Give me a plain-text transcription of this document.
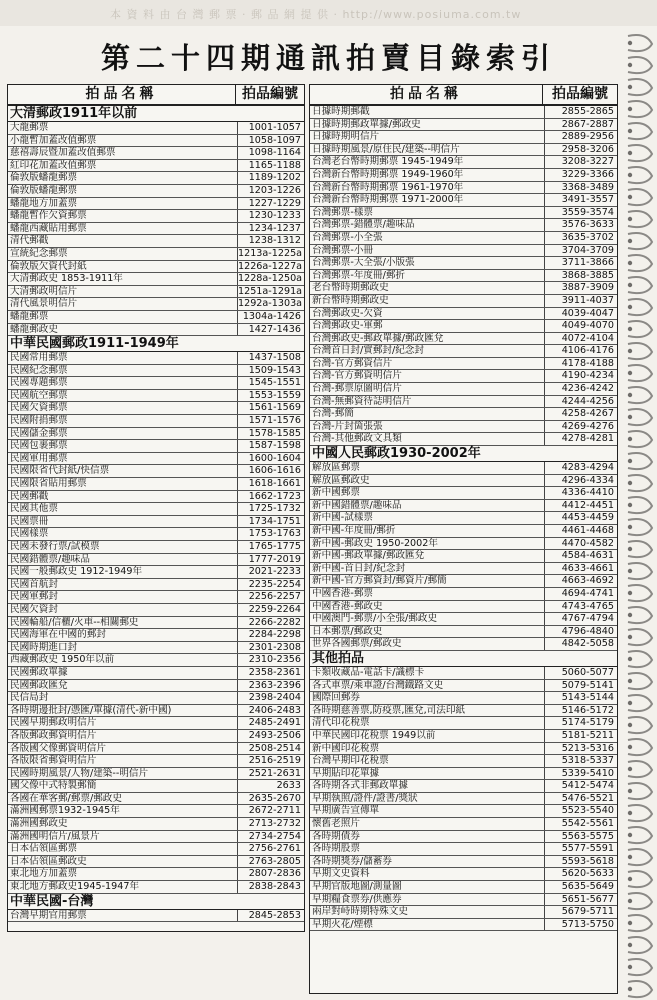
本 資 料 由 台 灣 郵 票 · 郵 品 網 提 供 · http://www.posiuma.com.tw
第二十四期通訊拍賣目錄索引
拍品名稱	拍品編號
大清郵政1911年以前
大龍郵票	1001-1057
小龍暫加蓋改值郵票	1058-1097
慈禧壽辰暨加蓋改值郵票	1098-1164
紅印花加蓋改值郵票	1165-1188
倫敦版蟠龍郵票	1189-1202
倫敦版蟠龍郵票	1203-1226
蟠龍地方加蓋票	1227-1229
蟠龍暫作欠資郵票	1230-1233
蟠龍西藏貼用郵票	1234-1237
清代郵戳	1238-1312
宣統紀念郵票	1213a-1225a
倫敦版欠資代封紙	1226a-1227a
大清郵政史 1853-1911年	1228a-1250a
大清郵政明信片	1251a-1291a
清代風景明信片	1292a-1303a
蟠龍郵票	1304a-1426
蟠龍郵政史	1427-1436
中華民國郵政1911-1949年
民國常用郵票	1437-1508
民國紀念郵票	1509-1543
民國專題郵票	1545-1551
民國航空郵票	1553-1559
民國欠資郵票	1561-1569
民國附捐郵票	1571-1576
民國儲金郵票	1578-1585
民國包裹郵票	1587-1598
民國軍用郵票	1600-1604
民國限省代封紙/快信票	1606-1616
民國限省貼用郵票	1618-1661
民國郵戳	1662-1723
民國其他票	1725-1732
民國票冊	1734-1751
民國樣票	1753-1763
民國未發行票/試模票	1765-1775
民國錯體票/趣味品	1777-2019
民國一般郵政史 1912-1949年	2021-2233
民國首航封	2235-2254
民國軍郵封	2256-2257
民國欠資封	2259-2264
民國輪船/信櫃/火車--相關郵史	2266-2282
民國海軍在中國的郵封	2284-2298
民國時期進口封	2301-2308
西藏郵政史 1950年以前	2310-2356
民國郵政單據	2358-2361
民國郵政匯兌	2363-2396
民信局封	2398-2404
各時期邊批封/憑匯/單據(清代-新中國)	2406-2483
民國早期郵政明信片	2485-2491
各版郵政郵資明信片	2493-2506
各版國父像郵資明信片	2508-2514
各版限省郵資明信片	2516-2519
民國時期風景/人物/建築--明信片	2521-2631
國父像中式特製郵簡	2633
各國在華客郵/郵票/郵政史	2635-2670
滿洲國郵票1932-1945年	2672-2711
滿洲國郵政史	2713-2732
滿洲國明信片/風景片	2734-2754
日本佔領區郵票	2756-2761
日本佔領區郵政史	2763-2805
東北地方加蓋票	2807-2836
東北地方郵政史1945-1947年	2838-2843
中華民國-台灣
台灣早期官用郵票	2845-2853
拍品名稱	拍品編號
日據時期郵戳	2855-2865
日據時期郵政單據/郵政史	2867-2887
日據時期明信片	2889-2956
日據時期風景/原住民/建築--明信片	2958-3206
台灣老台幣時期郵票 1945-1949年	3208-3227
台灣新台幣時期郵票 1949-1960年	3229-3366
台灣新台幣時期郵票 1961-1970年	3368-3489
台灣新台幣時期郵票 1971-2000年	3491-3557
台灣郵票-樣票	3559-3574
台灣郵票-錯體票/趣味品	3576-3633
台灣郵票-小全張	3635-3702
台灣郵票-小冊	3704-3709
台灣郵票-大全張/小版張	3711-3866
台灣郵票-年度冊/郵折	3868-3885
老台幣時期郵政史	3887-3909
新台幣時期郵政史	3911-4037
台灣郵政史-欠資	4039-4047
台灣郵政史-軍郵	4049-4070
台灣郵政史-郵政單據/郵政匯兌	4072-4104
台灣首日封/實郵封/紀念封	4106-4176
台灣-官方郵資信片	4178-4188
台灣-官方郵資明信片	4190-4234
台灣-郵票原圖明信片	4236-4242
台灣-無郵資待誌明信片	4244-4256
台灣-郵簡	4258-4267
台灣-片封箇張張	4269-4276
台灣-其他郵政文具類	4278-4281
中國人民郵政1930-2002年
解放區郵票	4283-4294
解放區郵政史	4296-4334
新中國郵票	4336-4410
新中國錯體票/趣味品	4412-4451
新中國-試樣票	4453-4459
新中國-年度冊/郵折	4461-4468
新中國-郵政史 1950-2002年	4470-4582
新中國-郵政單據/郵政匯兌	4584-4631
新中國-首日封/紀念封	4633-4661
新中國-官方郵資封/郵資片/郵簡	4663-4692
中國香港-郵票	4694-4741
中國香港-郵政史	4743-4765
中國澳門-郵票/小全張/郵政史	4767-4794
日本郵票/郵政史	4796-4840
世界各國郵票/郵政史	4842-5058
其他拍品
卡類收藏品-電話卡/識標卡	5060-5077
各式車票/乘車證/台灣鐵路文史	5079-5141
國際回郵券	5143-5144
各時期慈善票,防疫票,匯兌,司法印紙	5146-5172
清代印花稅票	5174-5179
中華民國印花稅票 1949以前	5181-5211
新中國印花稅票	5213-5316
台灣早期印花稅票	5318-5337
早期貼印花單據	5339-5410
各時期各式非郵政單據	5412-5474
早期執照/證件/證書/獎狀	5476-5521
早期廣告宣傳單	5523-5540
懷舊老照片	5542-5561
各時期債券	5563-5575
各時期股票	5577-5591
各時期獎券/儲蓄券	5593-5618
早期文史資料	5620-5633
早期官版地圖/測量圖	5635-5649
早期糧食票券/供應券	5651-5677
兩岸對峙時期特殊文史	5679-5711
早期火花/煙標	5713-5750
